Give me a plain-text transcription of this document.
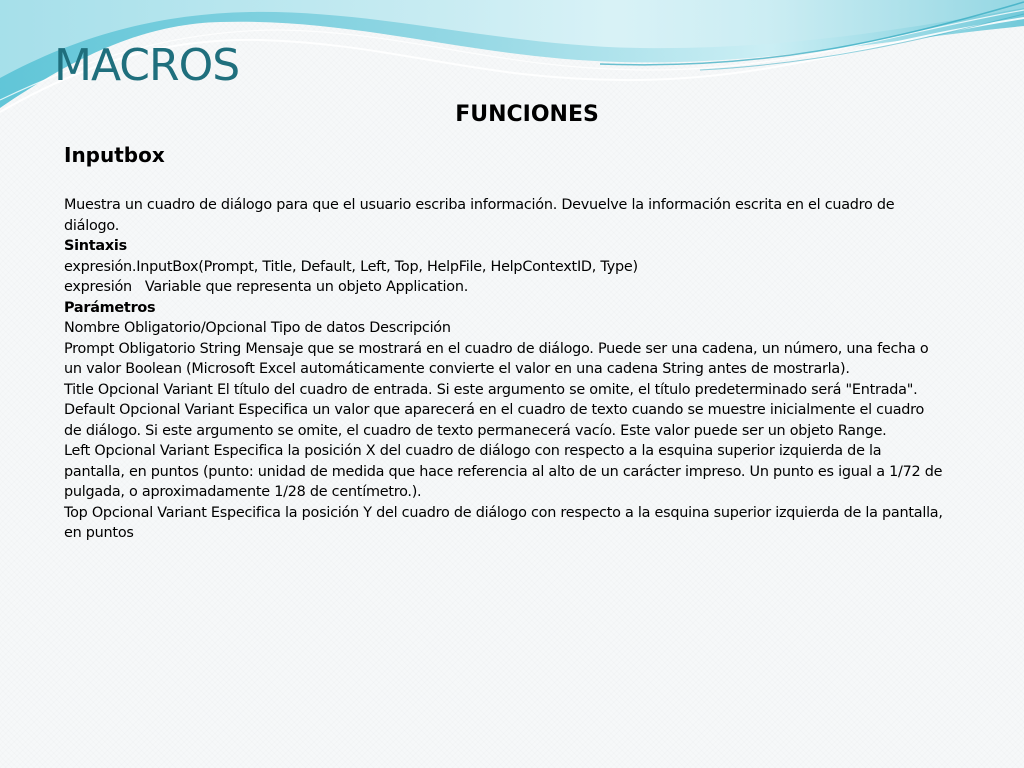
MACROS
FUNCIONES
Inputbox

Muestra un cuadro de diálogo para que el usuario escriba información. Devuelve la información escrita en el cuadro de diálogo.

Sintaxis

expresión.InputBox(Prompt, Title, Default, Left, Top, HelpFile, HelpContextID, Type)

expresión   Variable que representa un objeto Application.

Parámetros

Nombre Obligatorio/Opcional Tipo de datos Descripción

Prompt Obligatorio String Mensaje que se mostrará en el cuadro de diálogo. Puede ser una cadena, un número, una fecha o un valor Boolean (Microsoft Excel automáticamente convierte el valor en una cadena String antes de mostrarla).

Title Opcional Variant El título del cuadro de entrada. Si este argumento se omite, el título predeterminado será "Entrada".

Default Opcional Variant Especifica un valor que aparecerá en el cuadro de texto cuando se muestre inicialmente el cuadro de diálogo. Si este argumento se omite, el cuadro de texto permanecerá vacío. Este valor puede ser un objeto Range.

Left Opcional Variant Especifica la posición X del cuadro de diálogo con respecto a la esquina superior izquierda de la pantalla, en puntos (punto: unidad de medida que hace referencia al alto de un carácter impreso. Un punto es igual a 1/72 de pulgada, o aproximadamente 1/28 de centímetro.).

Top Opcional Variant Especifica la posición Y del cuadro de diálogo con respecto a la esquina superior izquierda de la pantalla, en puntos
